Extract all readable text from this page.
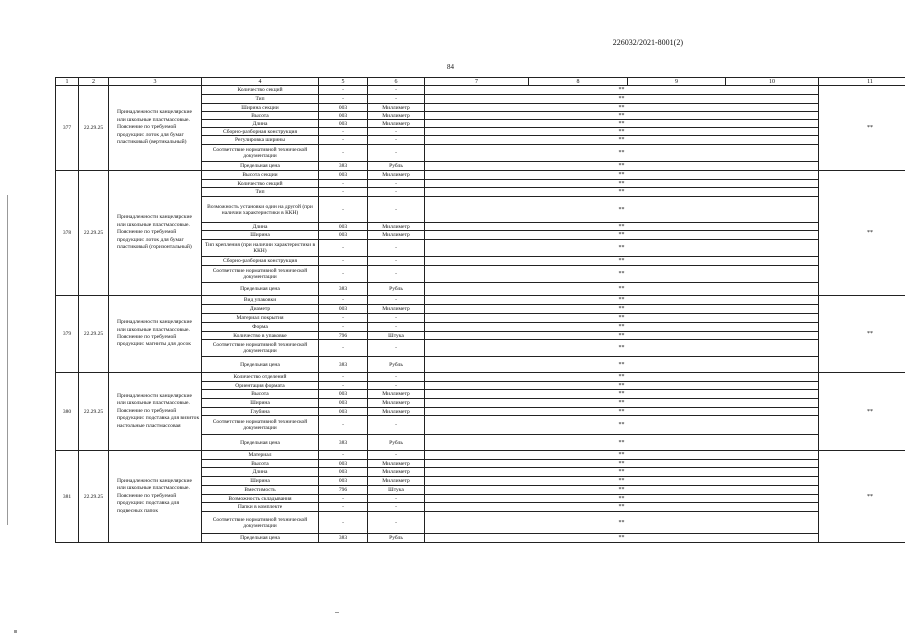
226032/2021-8001(2)
84
1	2	3	4	5	6	7	8	9	10	11
377	22.29.25	Принадлежности канцелярские или школьные пластмассовые. Пояснение по требуемой продукции: лоток для бумаг пластиковый (вертикальный)	Количество секций	-	-	**				**
			Тип	-	-	**				
			Ширина секции	003	Миллиметр	**				
			Высота	003	Миллиметр	**				
			Длина	003	Миллиметр	**				
			Сборно-разборная конструкция	-	-	**				
			Регулировка ширины	-	-	**				
			Соответствие нормативной технической документации	-	-	**				
			Предельная цена	383	Рубль	**				
378	22.29.25	Принадлежности канцелярские или школьные пластмассовые. Пояснение по требуемой продукции: лоток для бумаг пластиковый (горизонтальный)	Высота секции	003	Миллиметр	**				**
			Количество секций	-	-	**				
			Тип	-	-	**				
			Возможность установки один на другой (при наличии характеристики в ККН)	-	-	**				
			Длина	003	Миллиметр	**				
			Ширина	003	Миллиметр	**				
			Тип крепления (при наличии характеристики в ККН)	-	-	**				
			Сборно-разборная конструкция	-	-	**				
			Соответствие нормативной технической документации	-	-	**				
			Предельная цена	383	Рубль	**				
379	22.29.25	Принадлежности канцелярские или школьные пластмассовые. Пояснение по требуемой продукции: магниты для досок	Вид упаковки	-	-	**				**
			Диаметр	003	Миллиметр	**				
			Материал покрытия	-	-	**				
			Форма	-	-	**				
			Количество в упаковке	796	Штука	**				
			Соответствие нормативной технической документации	-	-	**				
			Предельная цена	383	Рубль	**				
380	22.29.25	Принадлежности канцелярские или школьные пластмассовые. Пояснение по требуемой продукции: подставка для визиток настольные пластмассовая	Количество отделений	-	-	**				**
			Ориентация формата	-	-	**				
			Высота	003	Миллиметр	**				
			Ширина	003	Миллиметр	**				
			Глубина	003	Миллиметр	**				
			Соответствие нормативной технической документации	-	-	**				
			Предельная цена	383	Рубль	**				
381	22.29.25	Принадлежности канцелярские или школьные пластмассовые. Пояснение по требуемой продукции: подставка для подвесных папок	Материал	-	-	**				**
			Высота	003	Миллиметр	**				
			Длина	003	Миллиметр	**				
			Ширина	003	Миллиметр	**				
			Вместимость	796	Штука	**				
			Возможность складывания	-	-	**				
			Папки в комплекте	-	-	**				
			Соответствие нормативной технической документации	-	-	**				
			Предельная цена	383	Рубль	**				
